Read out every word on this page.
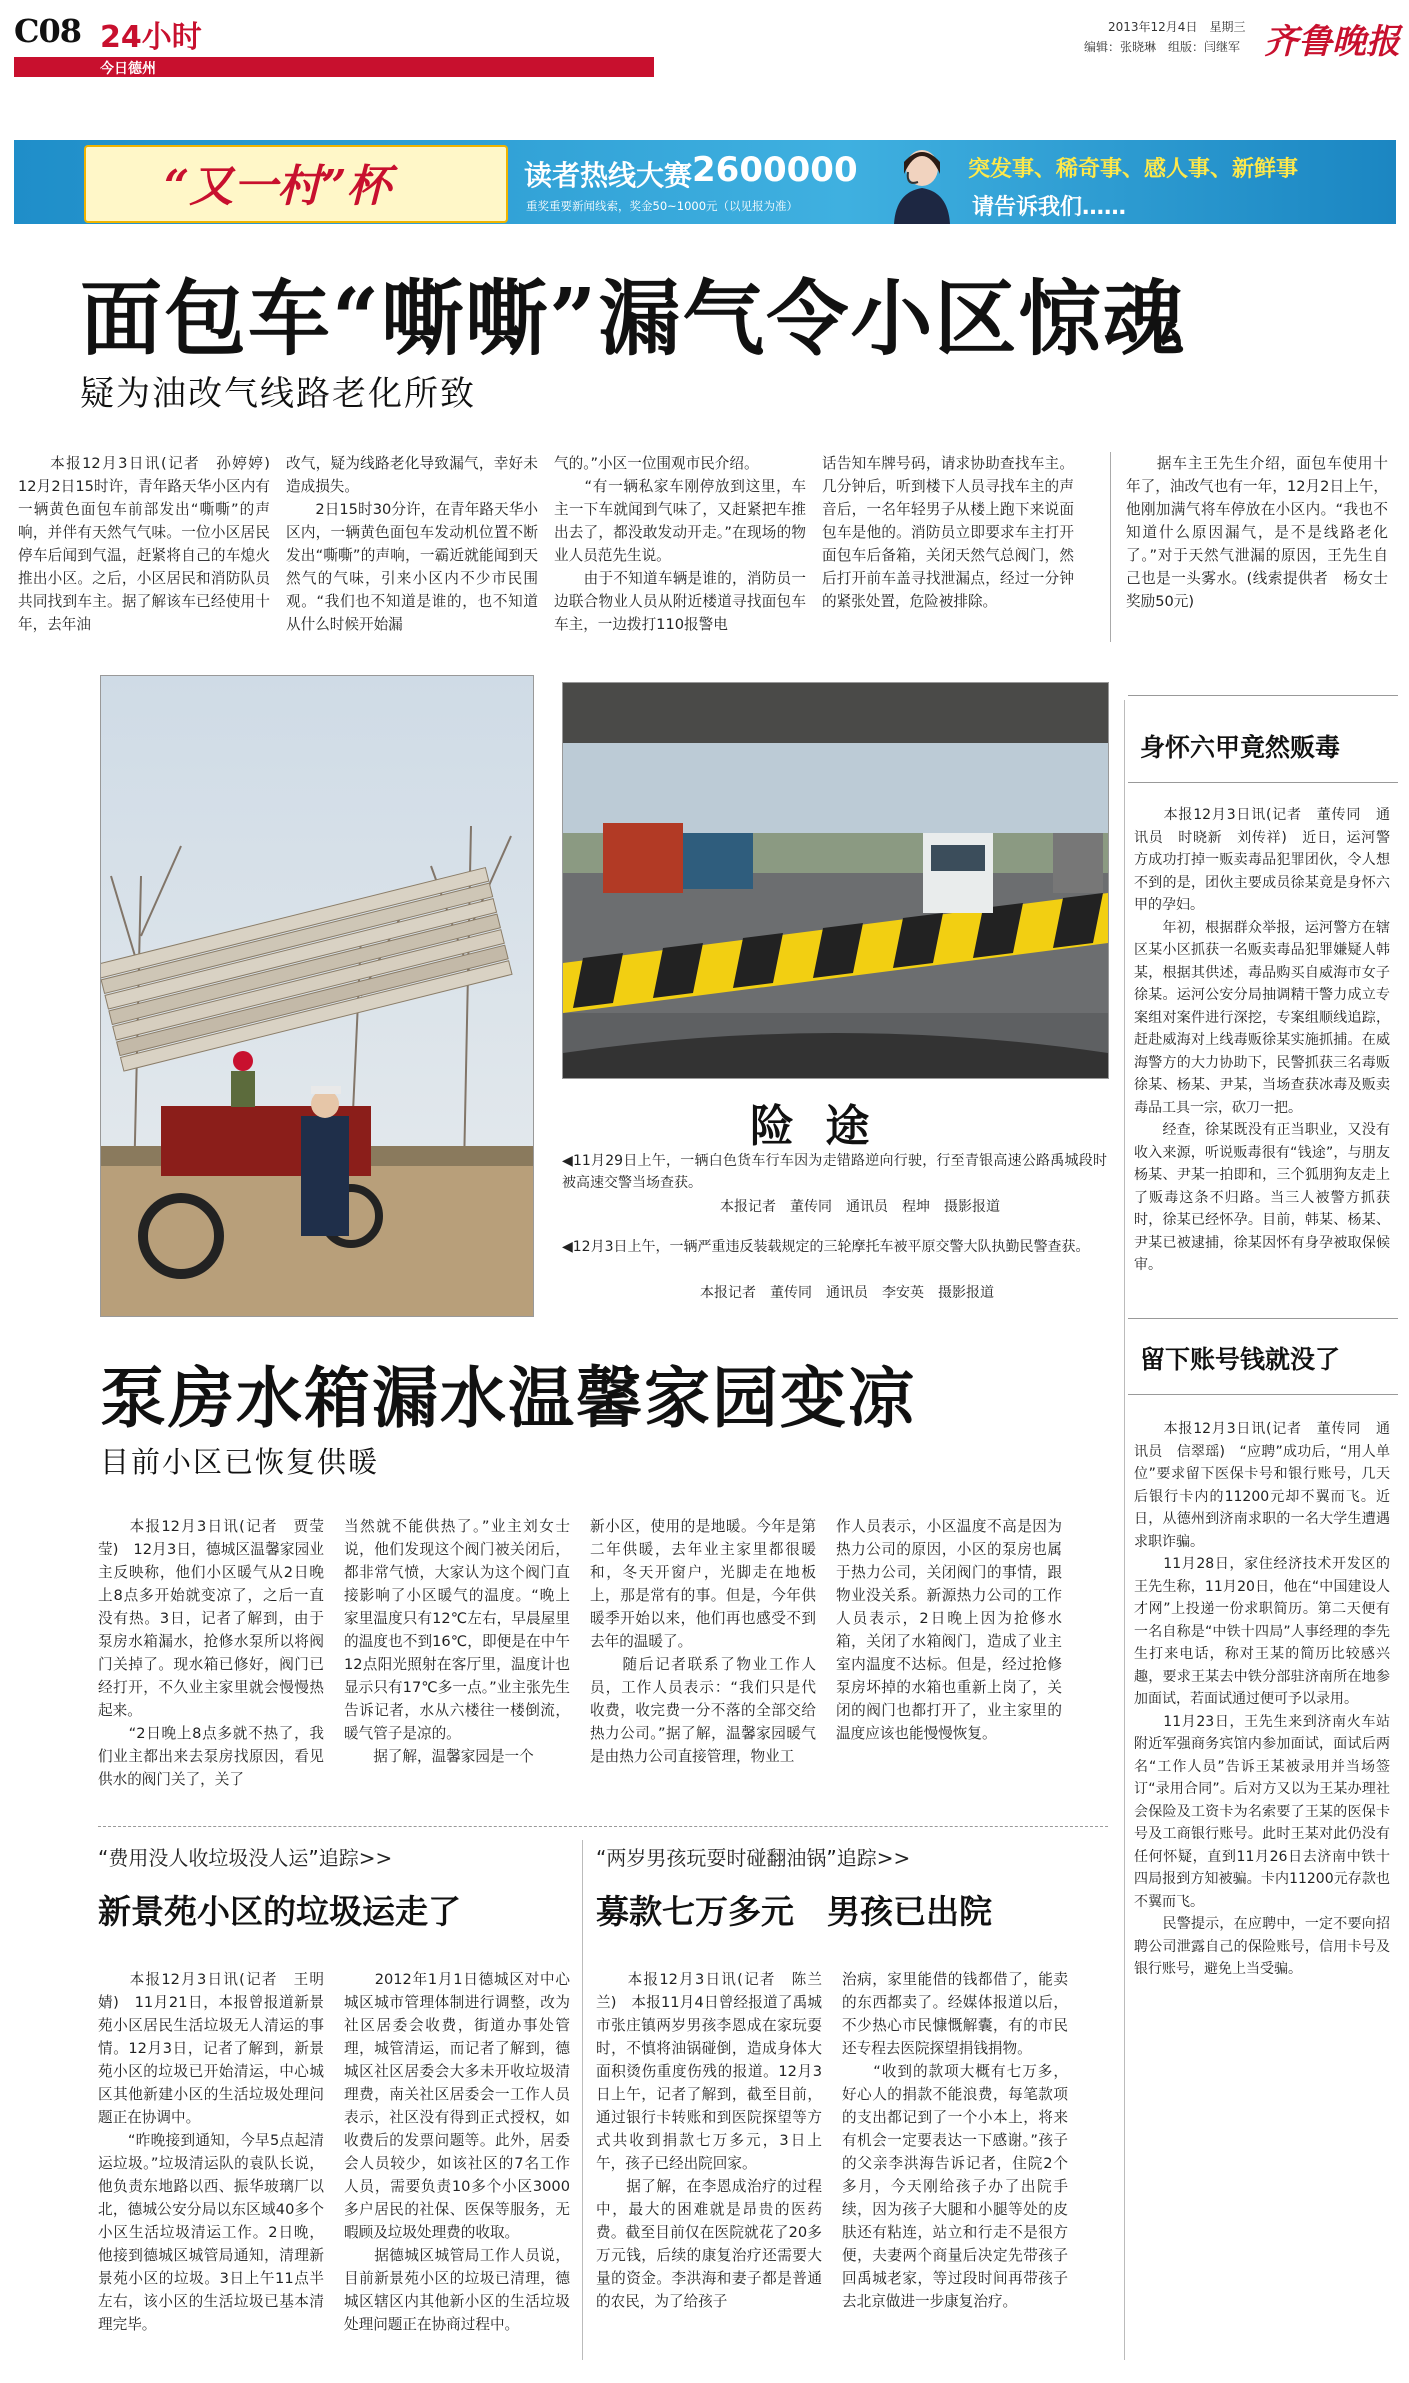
C08 24小时
今日德州
2013年12月4日　星期三
编辑：张晓琳　组版：闫继军 齐鲁晚报
“又一村”杯	读者热线大赛 2600000
重奖重要新闻线索，奖金50~1000元（以见报为准）
突发事、稀奇事、感人事、新鲜事
请告诉我们……
面包车“嘶嘶”漏气令小区惊魂
疑为油改气线路老化所致
　　本报12月3日讯(记者　孙婷婷)　12月2日15时许，青年路天华小区内有一辆黄色面包车前部发出“嘶嘶”的声响，并伴有天然气气味。一位小区居民停车后闻到气温，赶紧将自己的车熄火推出小区。之后，小区居民和消防队员共同找到车主。据了解该车已经使用十年，去年油
改气，疑为线路老化导致漏气，幸好未造成损失。
　　2日15时30分许，在青年路天华小区内，一辆黄色面包车发动机位置不断发出“嘶嘶”的声响，一霸近就能闻到天然气的气味，引来小区内不少市民围观。“我们也不知道是谁的，也不知道从什么时候开始漏
气的。”小区一位围观市民介绍。
　　“有一辆私家车刚停放到这里，车主一下车就闻到气味了，又赶紧把车推出去了，都没敢发动开走。”在现场的物业人员范先生说。
　　由于不知道车辆是谁的，消防员一边联合物业人员从附近楼道寻找面包车车主，一边拨打110报警电
话告知车牌号码，请求协助查找车主。几分钟后，听到楼下人员寻找车主的声音后，一名年轻男子从楼上跑下来说面包车是他的。消防员立即要求车主打开面包车后备箱，关闭天然气总阀门，然后打开前车盖寻找泄漏点，经过一分钟的紧张处置，危险被排除。
　　据车主王先生介绍，面包车使用十年了，油改气也有一年，12月2日上午，他刚加满气将车停放在小区内。“我也不知道什么原因漏气，是不是线路老化了。”对于天然气泄漏的原因，王先生自己也是一头雾水。(线索提供者　杨女士　奖励50元)
险 途
◀11月29日上午，一辆白色货车行车因为走错路逆向行驶，行至青银高速公路禹城段时被高速交警当场查获。
本报记者　董传同　通讯员　程坤　摄影报道
◀12月3日上午，一辆严重违反装载规定的三轮摩托车被平原交警大队执勤民警查获。
本报记者　董传同　通讯员　李安英　摄影报道
身怀六甲竟然贩毒
　　本报12月3日讯(记者　董传同　通讯员　时晓新　刘传祥)　近日，运河警方成功打掉一贩卖毒品犯罪团伙，令人想不到的是，团伙主要成员徐某竟是身怀六甲的孕妇。
　　年初，根据群众举报，运河警方在辖区某小区抓获一名贩卖毒品犯罪嫌疑人韩某，根据其供述，毒品购买自威海市女子徐某。运河公安分局抽调精干警力成立专案组对案件进行深挖，专案组顺线追踪，赶赴威海对上线毒贩徐某实施抓捕。在威海警方的大力协助下，民警抓获三名毒贩徐某、杨某、尹某，当场查获冰毒及贩卖毒品工具一宗，砍刀一把。
　　经查，徐某既没有正当职业，又没有收入来源，听说贩毒很有“钱途”，与朋友杨某、尹某一拍即和，三个狐朋狗友走上了贩毒这条不归路。当三人被警方抓获时，徐某已经怀孕。目前，韩某、杨某、尹某已被逮捕，徐某因怀有身孕被取保候审。
留下账号钱就没了
　　本报12月3日讯(记者　董传同　通讯员　信翠瑶)　“应聘”成功后，“用人单位”要求留下医保卡号和银行账号，几天后银行卡内的11200元却不翼而飞。近日，从德州到济南求职的一名大学生遭遇求职诈骗。
　　11月28日，家住经济技术开发区的王先生称，11月20日，他在“中国建设人才网”上投递一份求职简历。第二天便有一名自称是“中铁十四局”人事经理的李先生打来电话，称对王某的简历比较感兴趣，要求王某去中铁分部驻济南所在地参加面试，若面试通过便可予以录用。
　　11月23日，王先生来到济南火车站附近军强商务宾馆内参加面试，面试后两名“工作人员”告诉王某被录用并当场签订“录用合同”。后对方又以为王某办理社会保险及工资卡为名索要了王某的医保卡号及工商银行账号。此时王某对此仍没有任何怀疑，直到11月26日去济南中铁十四局报到方知被骗。卡内11200元存款也不翼而飞。
　　民警提示，在应聘中，一定不要向招聘公司泄露自己的保险账号，信用卡号及银行账号，避免上当受骗。
泵房水箱漏水温馨家园变凉
目前小区已恢复供暖
　　本报12月3日讯(记者　贾莹莹)　12月3日，德城区温馨家园业主反映称，他们小区暖气从2日晚上8点多开始就变凉了，之后一直没有热。3日，记者了解到，由于泵房水箱漏水，抢修水泵所以将阀门关掉了。现水箱已修好，阀门已经打开，不久业主家里就会慢慢热起来。
　　“2日晚上8点多就不热了，我们业主都出来去泵房找原因，看见供水的阀门关了，关了
当然就不能供热了。”业主刘女士说，他们发现这个阀门被关闭后，都非常气愤，大家认为这个阀门直接影响了小区暖气的温度。“晚上家里温度只有12℃左右，早晨屋里的温度也不到16℃，即便是在中午12点阳光照射在客厅里，温度计也显示只有17℃多一点。”业主张先生告诉记者，水从六楼往一楼倒流，暖气管子是凉的。
　　据了解，温馨家园是一个
新小区，使用的是地暖。今年是第二年供暖，去年业主家里都很暖和，冬天开窗户，光脚走在地板上，那是常有的事。但是，今年供暖季开始以来，他们再也感受不到去年的温暖了。
　　随后记者联系了物业工作人员，工作人员表示：“我们只是代收费，收完费一分不落的全部交给热力公司。”据了解，温馨家园暖气是由热力公司直接管理，物业工
作人员表示，小区温度不高是因为热力公司的原因，小区的泵房也属于热力公司，关闭阀门的事情，跟物业没关系。新源热力公司的工作人员表示，2日晚上因为抢修水箱，关闭了水箱阀门，造成了业主室内温度不达标。但是，经过抢修泵房坏掉的水箱也重新上岗了，关闭的阀门也都打开了，业主家里的温度应该也能慢慢恢复。
“费用没人收垃圾没人运”追踪>>
新景苑小区的垃圾运走了
　　本报12月3日讯(记者　王明婧)　11月21日，本报曾报道新景苑小区居民生活垃圾无人清运的事情。12月3日，记者了解到，新景苑小区的垃圾已开始清运，中心城区其他新建小区的生活垃圾处理问题正在协调中。
　　“昨晚接到通知，今早5点起清运垃圾。”垃圾清运队的袁队长说，他负责东地路以西、振华玻璃厂以北，德城公安分局以东区域40多个小区生活垃圾清运工作。2日晚，他接到德城区城管局通知，清理新景苑小区的垃圾。3日上午11点半左右，该小区的生活垃圾已基本清理完毕。
　　2012年1月1日德城区对中心城区城市管理体制进行调整，改为社区居委会收费，街道办事处管理，城管清运，而记者了解到，德城区社区居委会大多未开收垃圾清理费，南关社区居委会一工作人员表示，社区没有得到正式授权，如收费后的发票问题等。此外，居委会人员较少，如该社区的7名工作人员，需要负责10多个小区3000多户居民的社保、医保等服务，无暇顾及垃圾处理费的收取。
　　据德城区城管局工作人员说，目前新景苑小区的垃圾已清理，德城区辖区内其他新小区的生活垃圾处理问题正在协商过程中。
“两岁男孩玩耍时碰翻油锅”追踪>>
募款七万多元　男孩已出院
　　本报12月3日讯(记者　陈兰兰)　本报11月4日曾经报道了禹城市张庄镇两岁男孩李恩成在家玩耍时，不慎将油锅碰倒，造成身体大面积烫伤重度伤残的报道。12月3日上午，记者了解到，截至目前，通过银行卡转账和到医院探望等方式共收到捐款七万多元，3日上午，孩子已经出院回家。
　　据了解，在李恩成治疗的过程中，最大的困难就是昂贵的医药费。截至目前仅在医院就花了20多万元钱，后续的康复治疗还需要大量的资金。李洪海和妻子都是普通的农民，为了给孩子
治病，家里能借的钱都借了，能卖的东西都卖了。经媒体报道以后，不少热心市民慷慨解囊，有的市民还专程去医院探望捐钱捐物。
　　“收到的款项大概有七万多，好心人的捐款不能浪费，每笔款项的支出都记到了一个小本上，将来有机会一定要表达一下感谢。”孩子的父亲李洪海告诉记者，住院2个多月，今天刚给孩子办了出院手续，因为孩子大腿和小腿等处的皮肤还有粘连，站立和行走不是很方便，夫妻两个商量后决定先带孩子回禹城老家，等过段时间再带孩子去北京做进一步康复治疗。
